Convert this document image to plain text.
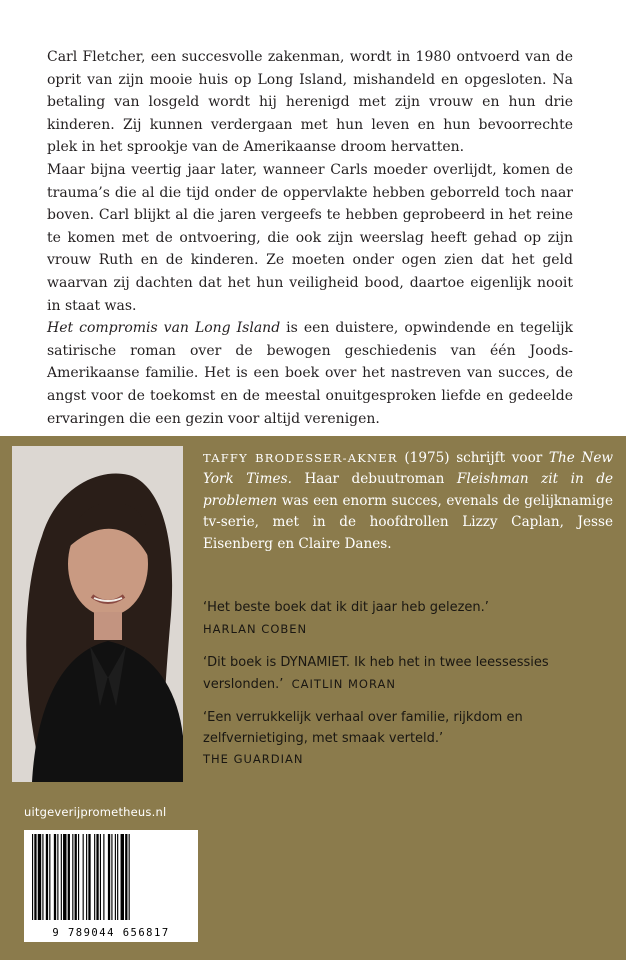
Carl Fletcher, een succesvolle zakenman, wordt in 1980 ontvoerd van de oprit van zijn mooie huis op Long Island, mishandeld en opgesloten. Na betaling van losgeld wordt hij herenigd met zijn vrouw en hun drie kinderen. Zij kunnen verdergaan met hun leven en hun bevoorrechte plek in het sprookje van de Amerikaanse droom hervatten.

Maar bijna veertig jaar later, wanneer Carls moeder overlijdt, komen de trauma’s die al die tijd onder de oppervlakte hebben geborreld toch naar boven. Carl blijkt al die jaren vergeefs te hebben geprobeerd in het reine te komen met de ontvoering, die ook zijn weerslag heeft gehad op zijn vrouw Ruth en de kinderen. Ze moeten onder ogen zien dat het geld waarvan zij dachten dat het hun veiligheid bood, daartoe eigenlijk nooit in staat was.

Het compromis van Long Island is een duistere, opwindende en tegelijk satirische roman over de bewogen geschiedenis van één Joods-Amerikaanse familie. Het is een boek over het nastreven van succes, de angst voor de toekomst en de meestal onuitgesproken liefde en gedeelde ervaringen die een gezin voor altijd verenigen.

TAFFY BRODESSER-AKNER (1975) schrijft voor The New York Times. Haar debuutroman Fleishman zit in de problemen was een enorm succes, evenals de gelijknamige tv-serie, met in de hoofdrollen Lizzy Caplan, Jesse Eisenberg en Claire Danes.
‘Het beste boek dat ik dit jaar heb gelezen.’
HARLAN COBEN
‘Dit boek is DYNAMIET. Ik heb het in twee leessessies verslonden.’ CAITLIN MORAN
‘Een verrukkelijk verhaal over familie, rijkdom en zelfvernietiging, met smaak verteld.’
THE GUARDIAN
uitgeverijprometheus.nl
9 789044 656817
